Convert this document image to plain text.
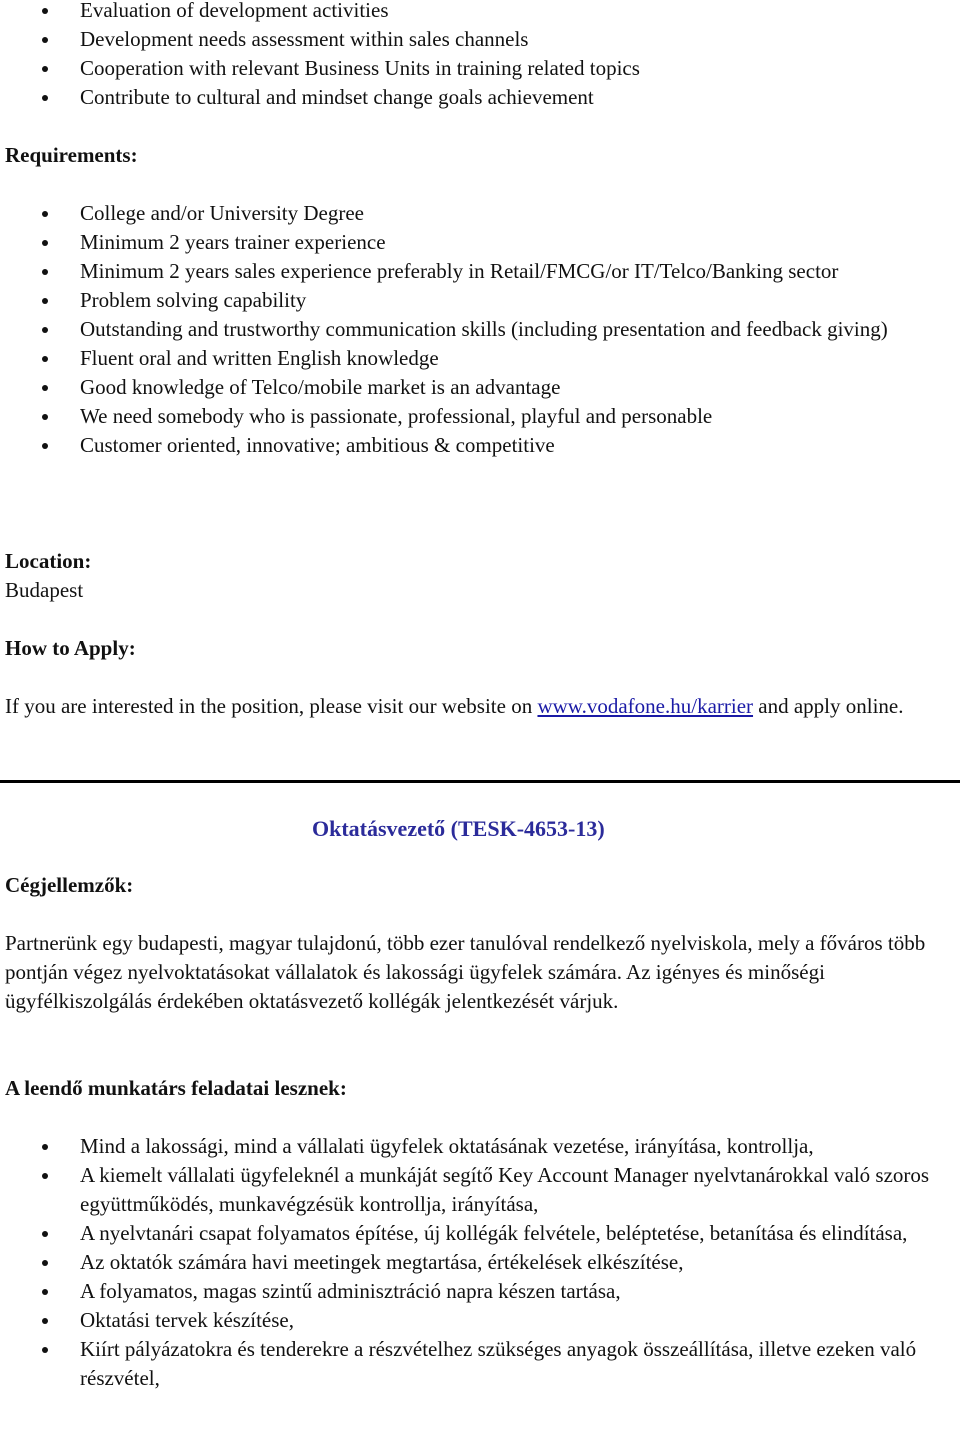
Evaluation of development activities
Development needs assessment within sales channels
Cooperation with relevant Business Units in training related topics
Contribute to cultural and mindset change goals achievement
Requirements:
College and/or University Degree
Minimum 2 years trainer experience
Minimum 2 years sales experience preferably in Retail/FMCG/or IT/Telco/Banking sector
Problem solving capability
Outstanding and trustworthy communication skills (including presentation and feedback giving)
Fluent oral and written English knowledge
Good knowledge of Telco/mobile market is an advantage
We need somebody who is passionate, professional, playful and personable
Customer oriented, innovative; ambitious & competitive
Location:
Budapest
How to Apply:
If you are interested in the position, please visit our website on www.vodafone.hu/karrier and apply online.
Cégjellemzők:
Partnerünk egy budapesti, magyar tulajdonú, több ezer tanulóval rendelkező nyelviskola, mely a főváros több pontján végez nyelvoktatásokat vállalatok és lakossági ügyfelek számára. Az igényes és minőségi ügyfélkiszolgálás érdekében oktatásvezető kollégák jelentkezését várjuk.
A leendő munkatárs feladatai lesznek:
Mind a lakossági, mind a vállalati ügyfelek oktatásának vezetése, irányítása, kontrollja,
A kiemelt vállalati ügyfeleknél a munkáját segítő Key Account Manager nyelvtanárokkal való szoros együttműködés, munkavégzésük kontrollja, irányítása,
A nyelvtanári csapat folyamatos építése, új kollégák felvétele, beléptetése, betanítása és elindítása,
Az oktatók számára havi meetingek megtartása, értékelések elkészítése,
A folyamatos, magas szintű adminisztráció napra készen tartása,
Oktatási tervek készítése,
Kiírt pályázatokra és tenderekre a részvételhez szükséges anyagok összeállítása, illetve ezeken való részvétel,
Oktatásvezető (TESK-4653-13)
